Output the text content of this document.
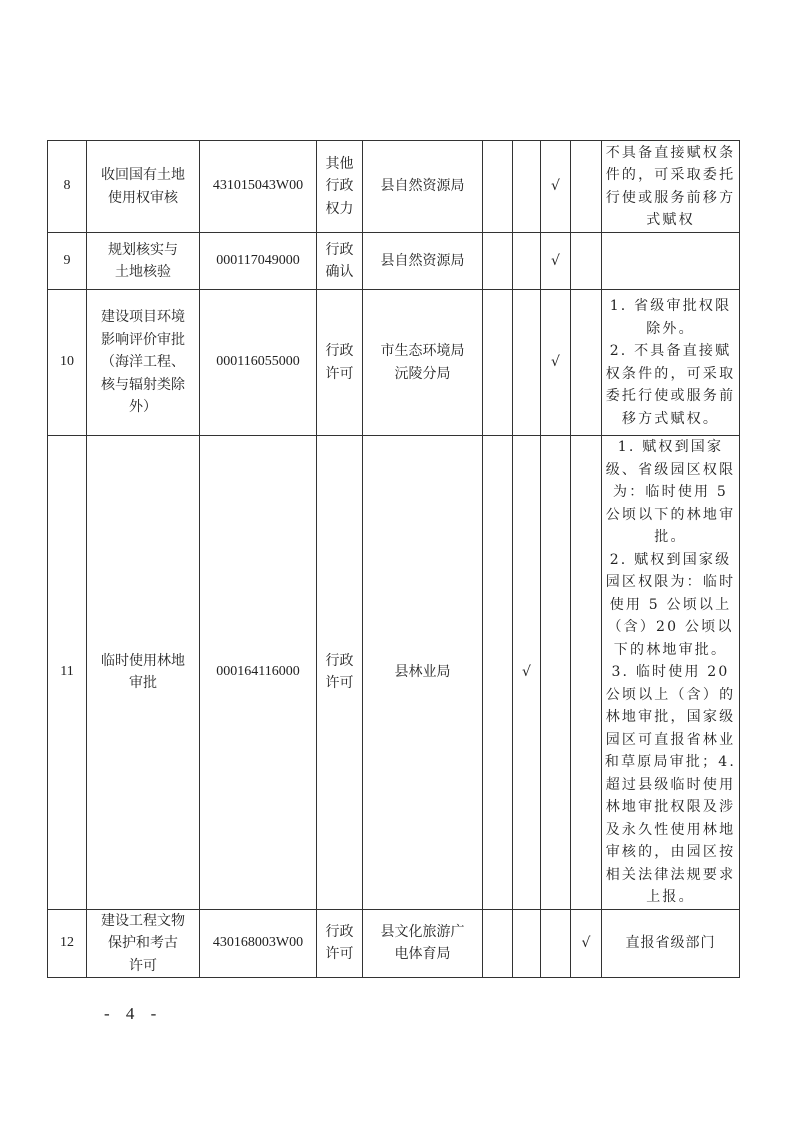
8	收回国有土地
使用权审核	431015043W00	其他
行政
权力	县自然资源局			√		不具备直接赋权条件的，可采取委托行使或服务前移方式赋权
9	规划核实与
土地核验	000117049000	行政
确认	县自然资源局			√		
10	建设项目环境
影响评价审批
（海洋工程、
核与辐射类除
外）	000116055000	行政
许可	市生态环境局
沅陵分局			√		1. 省级审批权限除外。
2. 不具备直接赋权条件的，可采取委托行使或服务前移方式赋权。
11	临时使用林地
审批	000164116000	行政
许可	县林业局		√			1. 赋权到国家级、省级园区权限为：临时使用 5 公顷以下的林地审批。
2. 赋权到国家级园区权限为：临时使用 5 公顷以上（含）20 公顷以下的林地审批。
3. 临时使用 20 公顷以上（含）的林地审批，国家级园区可直报省林业和草原局审批；4. 超过县级临时使用林地审批权限及涉及永久性使用林地审核的，由园区按相关法律法规要求上报。
12	建设工程文物
保护和考古
许可	430168003W00	行政
许可	县文化旅游广
电体育局				√	直报省级部门
- 4 -
